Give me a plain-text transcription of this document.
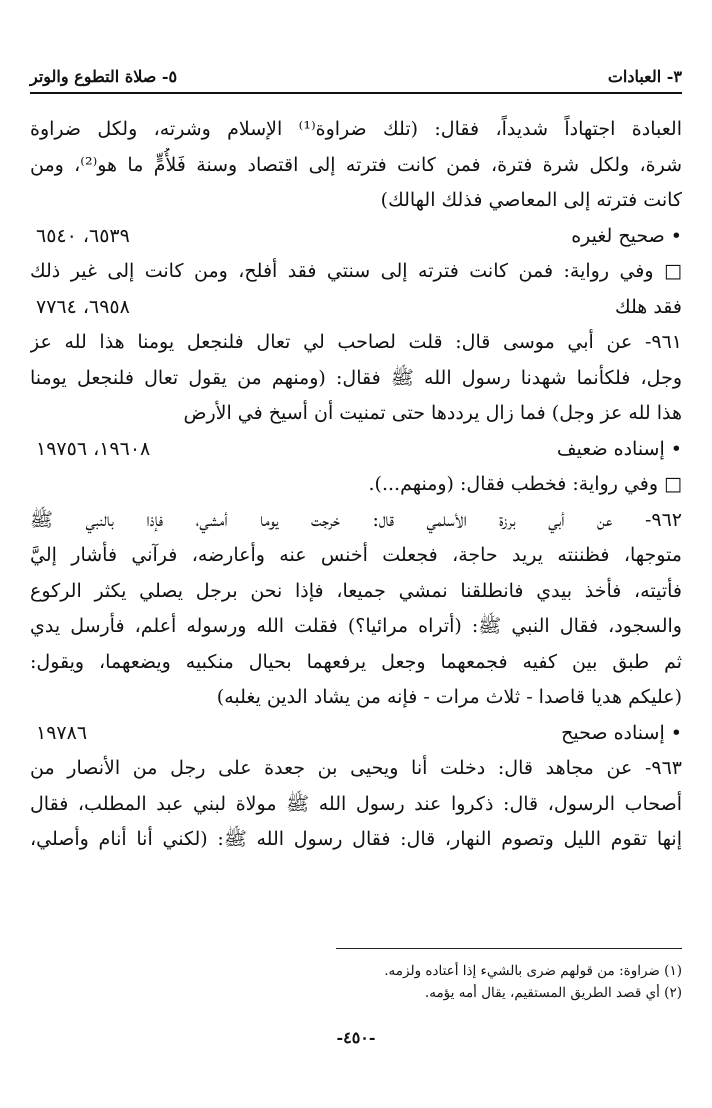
٣- العبادات
٥- صلاة التطوع والوتر
العبادة اجتهاداً شديداً، فقال: (تلك ضراوة⁽¹⁾ الإسلام وشرته، ولكل ضراوة
شرة، ولكل شرة فترة، فمن كانت فترته إلى اقتصاد وسنة فَلأُمٍّ ما هو⁽²⁾، ومن
كانت فترته إلى المعاصي فذلك الهالك)
• صحيح لغيره
٦٥٣٩، ٦٥٤٠
□ وفي رواية: فمن كانت فترته إلى سنتي فقد أفلح، ومن كانت إلى غير ذلك
فقد هلك
٦٩٥٨، ٧٧٦٤
٩٦١- عن أبي موسى قال: قلت لصاحب لي تعال فلنجعل يومنا هذا لله عز
وجل، فلكأنما شهدنا رسول الله ﷺ فقال: (ومنهم من يقول تعال فلنجعل يومنا
هذا لله عز وجل) فما زال يرددها حتى تمنيت أن أسيخ في الأرض
• إسناده ضعيف
١٩٦٠٨، ١٩٧٥٦
□ وفي رواية: فخطب فقال: (ومنهم...).
٩٦٢- عن أبي برزة الأسلمي قال: خرجت يوما أمشي، فإذا بالنبي ﷺ
متوجها، فظننته يريد حاجة، فجعلت أخنس عنه وأعارضه، فرآني فأشار إليَّ
فأتيته، فأخذ بيدي فانطلقنا نمشي جميعا، فإذا نحن برجل يصلي يكثر الركوع
والسجود، فقال النبي ﷺ: (أتراه مرائيا؟) فقلت الله ورسوله أعلم، فأرسل يدي
ثم طبق بين كفيه فجمعهما وجعل يرفعهما بحيال منكبيه ويضعهما، ويقول:
(عليكم هديا قاصدا - ثلاث مرات - فإنه من يشاد الدين يغلبه)
• إسناده صحيح
١٩٧٨٦
٩٦٣- عن مجاهد قال: دخلت أنا ويحيى بن جعدة على رجل من الأنصار من
أصحاب الرسول، قال: ذكروا عند رسول الله ﷺ مولاة لبني عبد المطلب، فقال
إنها تقوم الليل وتصوم النهار، قال: فقال رسول الله ﷺ: (لكني أنا أنام وأصلي،
(١) ضراوة: من قولهم ضرى بالشيء إذا أعتاده ولزمه.
(٢) أي قصد الطريق المستقيم، يقال أمه يؤمه.
-٤٥٠-
